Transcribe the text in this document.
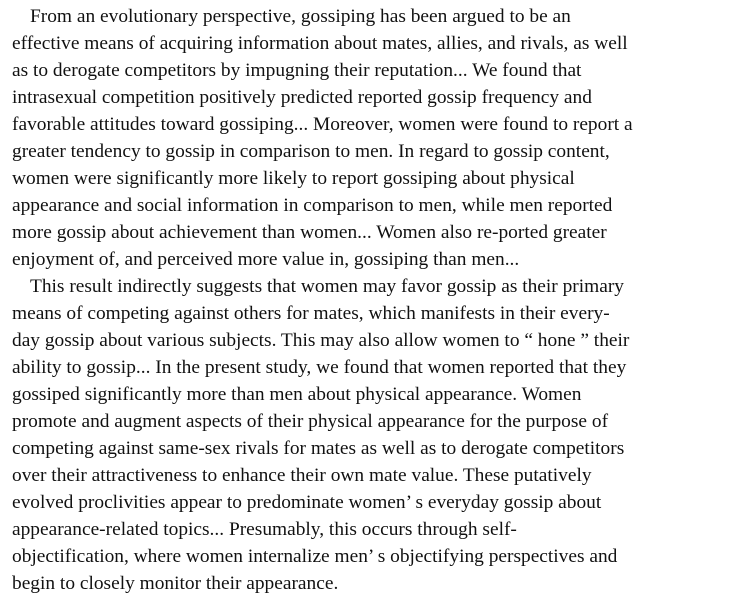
From an evolutionary perspective, gossiping has been argued to be an
effective means of acquiring information about mates, allies, and rivals, as well
as to derogate competitors by impugning their reputation... We found that
intrasexual competition positively predicted reported gossip frequency and
favorable attitudes toward gossiping... Moreover, women were found to report a
greater tendency to gossip in comparison to men. In regard to gossip content,
women were significantly more likely to report gossiping about physical
appearance and social information in comparison to men, while men reported
more gossip about achievement than women... Women also re-ported greater
enjoyment of, and perceived more value in, gossiping than men...
This result indirectly suggests that women may favor gossip as their primary
means of competing against others for mates, which manifests in their every-
day gossip about various subjects. This may also allow women to “ hone ” their
ability to gossip... In the present study, we found that women reported that they
gossiped significantly more than men about physical appearance. Women
promote and augment aspects of their physical appearance for the purpose of
competing against same-sex rivals for mates as well as to derogate competitors
over their attractiveness to enhance their own mate value. These putatively
evolved proclivities appear to predominate women’ s everyday gossip about
appearance-related topics... Presumably, this occurs through self-
objectification, where women internalize men’ s objectifying perspectives and
begin to closely monitor their appearance.
